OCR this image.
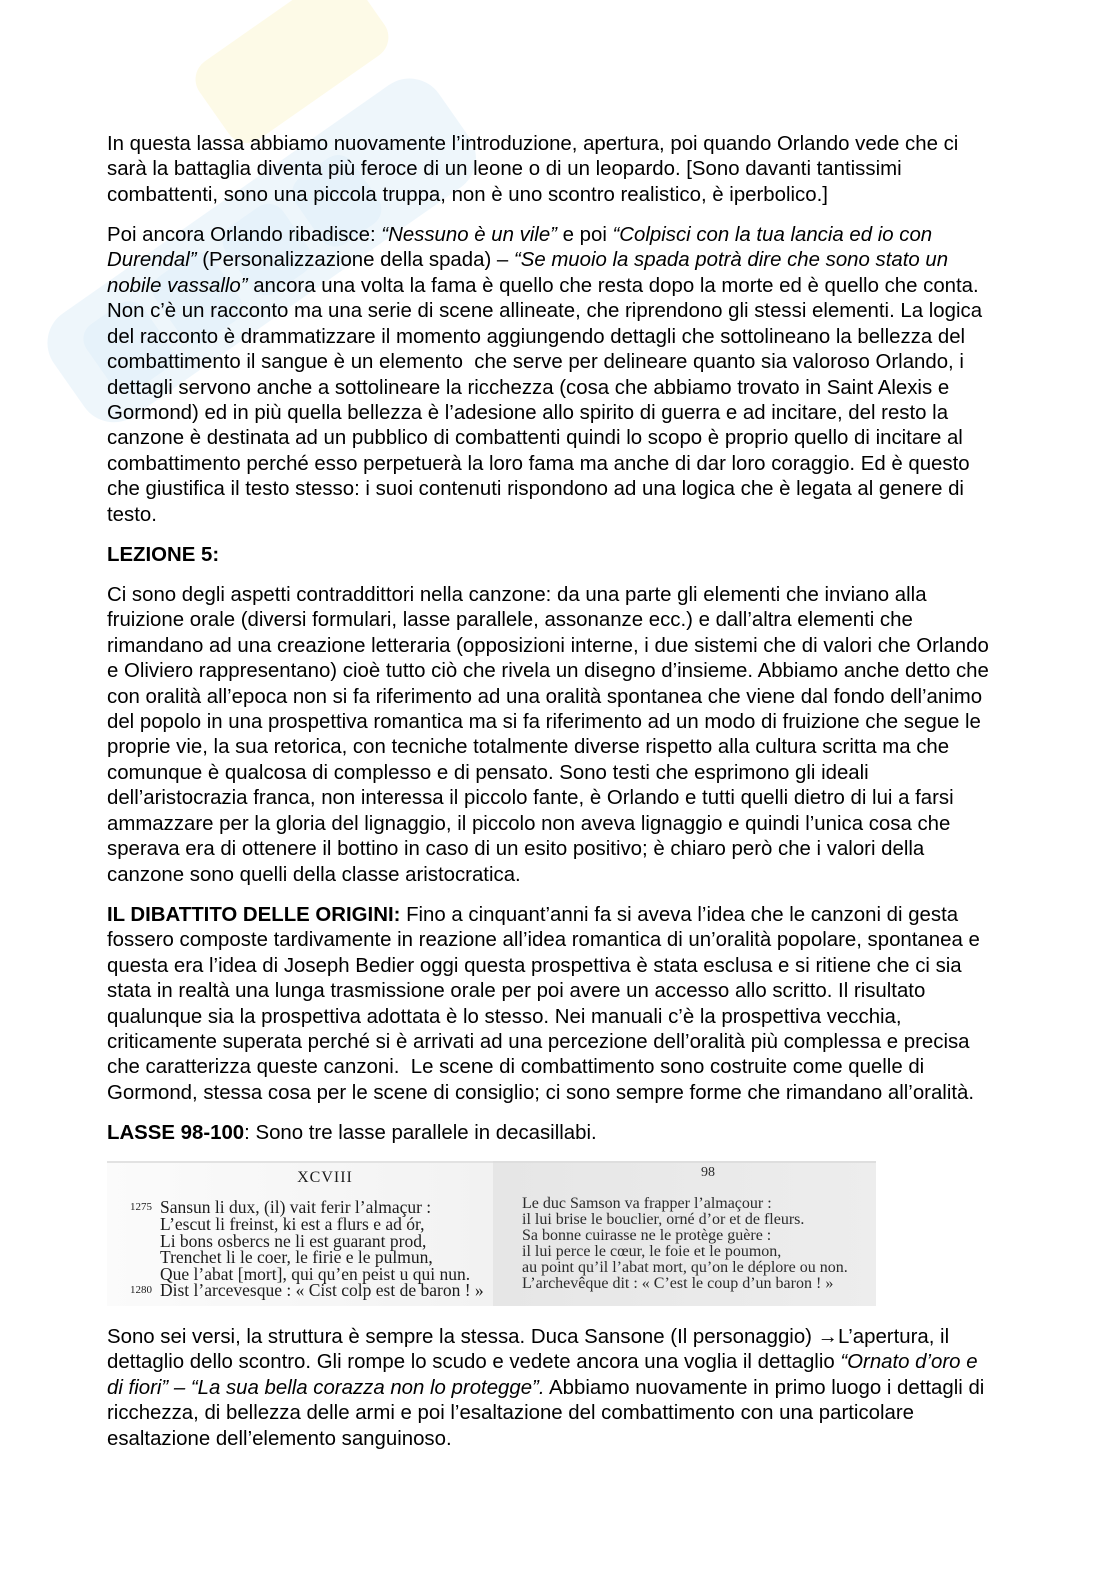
In questa lassa abbiamo nuovamente l’introduzione, apertura, poi quando Orlando vede che ci sarà la battaglia diventa più feroce di un leone o di un leopardo. [Sono davanti tantissimi combattenti, sono una piccola truppa, non è uno scontro realistico, è iperbolico.]

Poi ancora Orlando ribadisce: “Nessuno è un vile” e poi “Colpisci con la tua lancia ed io con Durendal” (Personalizzazione della spada) – “Se muoio la spada potrà dire che sono stato un nobile vassallo” ancora una volta la fama è quello che resta dopo la morte ed è quello che conta. Non c’è un racconto ma una serie di scene allineate, che riprendono gli stessi elementi. La logica del racconto è drammatizzare il momento aggiungendo dettagli che sottolineano la bellezza del combattimento il sangue è un elemento  che serve per delineare quanto sia valoroso Orlando, i dettagli servono anche a sottolineare la ricchezza (cosa che abbiamo trovato in Saint Alexis e Gormond) ed in più quella bellezza è l’adesione allo spirito di guerra e ad incitare, del resto la canzone è destinata ad un pubblico di combattenti quindi lo scopo è proprio quello di incitare al combattimento perché esso perpetuerà la loro fama ma anche di dar loro coraggio. Ed è questo che giustifica il testo stesso: i suoi contenuti rispondono ad una logica che è legata al genere di testo.

LEZIONE 5:

Ci sono degli aspetti contraddittori nella canzone: da una parte gli elementi che inviano alla fruizione orale (diversi formulari, lasse parallele, assonanze ecc.) e dall’altra elementi che rimandano ad una creazione letteraria (opposizioni interne, i due sistemi che di valori che Orlando e Oliviero rappresentano) cioè tutto ciò che rivela un disegno d’insieme. Abbiamo anche detto che con oralità all’epoca non si fa riferimento ad una oralità spontanea che viene dal fondo dell’animo del popolo in una prospettiva romantica ma si fa riferimento ad un modo di fruizione che segue le proprie vie, la sua retorica, con tecniche totalmente diverse rispetto alla cultura scritta ma che comunque è qualcosa di complesso e di pensato. Sono testi che esprimono gli ideali dell’aristocrazia franca, non interessa il piccolo fante, è Orlando e tutti quelli dietro di lui a farsi ammazzare per la gloria del lignaggio, il piccolo non aveva lignaggio e quindi l’unica cosa che sperava era di ottenere il bottino in caso di un esito positivo; è chiaro però che i valori della canzone sono quelli della classe aristocratica.

IL DIBATTITO DELLE ORIGINI: Fino a cinquant’anni fa si aveva l’idea che le canzoni di gesta fossero composte tardivamente in reazione all’idea romantica di un’oralità popolare, spontanea e questa era l’idea di Joseph Bedier oggi questa prospettiva è stata esclusa e si ritiene che ci sia stata in realtà una lunga trasmissione orale per poi avere un accesso allo scritto. Il risultato qualunque sia la prospettiva adottata è lo stesso. Nei manuali c’è la prospettiva vecchia, criticamente superata perché si è arrivati ad una percezione dell’oralità più complessa e precisa che caratterizza queste canzoni.  Le scene di combattimento sono costruite come quelle di Gormond, stessa cosa per le scene di consiglio; ci sono sempre forme che rimandano all’oralità.

LASSE 98-100: Sono tre lasse parallele in decasillabi.

XCVIII
1275
1280
Sansun li dux, (il) vait ferir l’almaçur :
L’escut li freinst, ki est a flurs e ad ór,
Li bons osbercs ne li est guarant prod,
Trenchet li le coer, le firie e le pulmun,
Que l’abat [mort], qui qu’en peist u qui nun.
Dist l’arcevesque : « Cist colp est de baron ! »
98
Le duc Samson va frapper l’almaçour :
il lui brise le bouclier, orné d’or et de fleurs.
Sa bonne cuirasse ne le protège guère :
il lui perce le cœur, le foie et le poumon,
au point qu’il l’abat mort, qu’on le déplore ou non.
L’archevêque dit : « C’est le coup d’un baron ! »

Sono sei versi, la struttura è sempre la stessa. Duca Sansone (Il personaggio) →L’apertura, il dettaglio dello scontro. Gli rompe lo scudo e vedete ancora una voglia il dettaglio “Ornato d’oro e di fiori” – “La sua bella corazza non lo protegge”. Abbiamo nuovamente in primo luogo i dettagli di ricchezza, di bellezza delle armi e poi l’esaltazione del combattimento con una particolare esaltazione dell’elemento sanguinoso.
